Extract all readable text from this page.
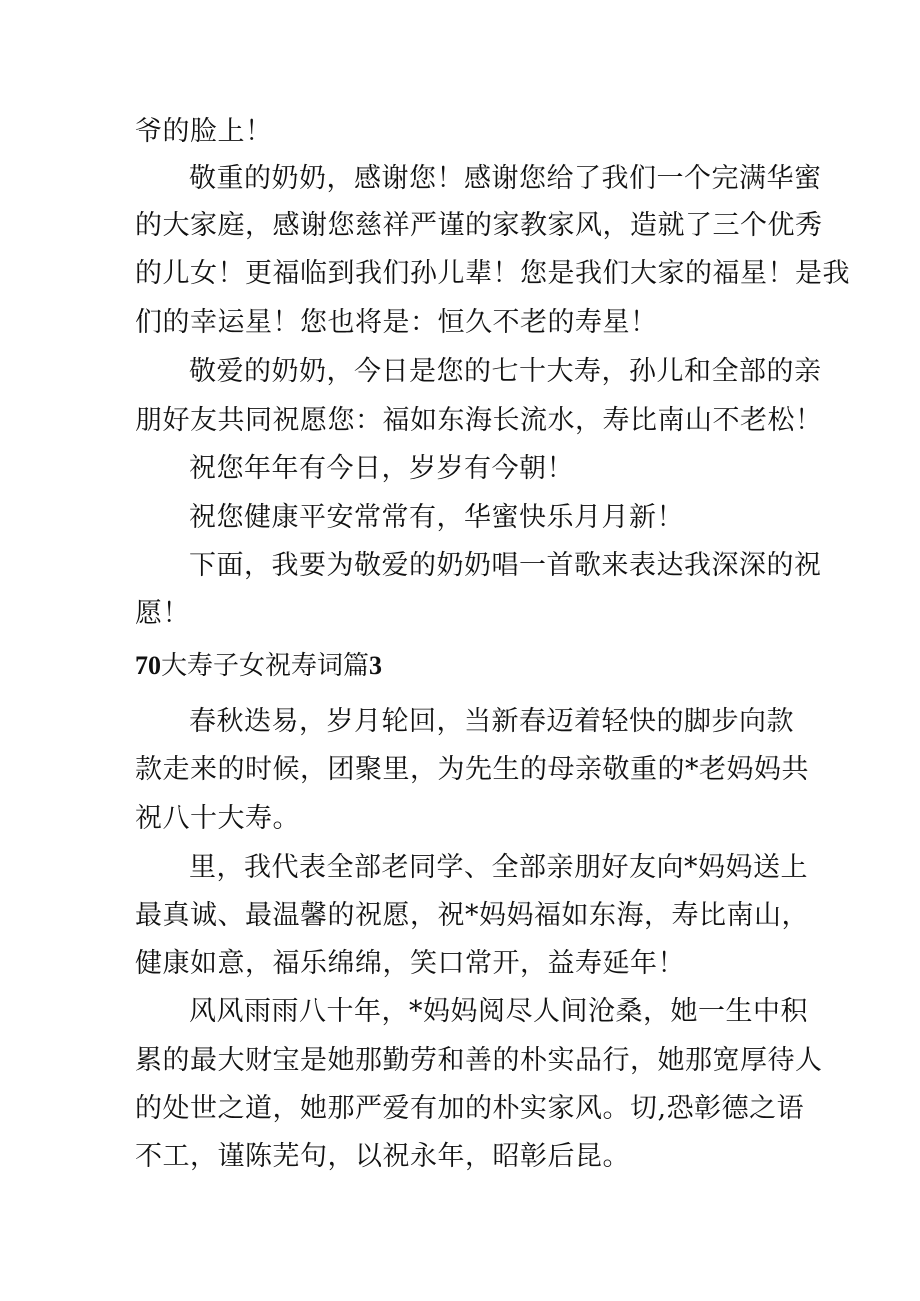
爷的脸上！
敬重的奶奶，感谢您！感谢您给了我们一个完满华蜜
的大家庭，感谢您慈祥严谨的家教家风，造就了三个优秀
的儿女！更福临到我们孙儿辈！您是我们大家的福星！是我
们的幸运星！您也将是：恒久不老的寿星！
敬爱的奶奶，今日是您的七十大寿，孙儿和全部的亲
朋好友共同祝愿您：福如东海长流水，寿比南山不老松！
祝您年年有今日，岁岁有今朝！
祝您健康平安常常有，华蜜快乐月月新！
下面，我要为敬爱的奶奶唱一首歌来表达我深深的祝
愿！
70大寿子女祝寿词篇3
春秋迭易，岁月轮回，当新春迈着轻快的脚步向款
款走来的时候，团聚里，为先生的母亲敬重的*老妈妈共
祝八十大寿。
里，我代表全部老同学、全部亲朋好友向*妈妈送上
最真诚、最温馨的祝愿，祝*妈妈福如东海，寿比南山，
健康如意，福乐绵绵，笑口常开，益寿延年！
风风雨雨八十年，*妈妈阅尽人间沧桑，她一生中积
累的最大财宝是她那勤劳和善的朴实品行，她那宽厚待人
的处世之道，她那严爱有加的朴实家风。切,恐彰德之语
不工，谨陈芜句，以祝永年，昭彰后昆。
